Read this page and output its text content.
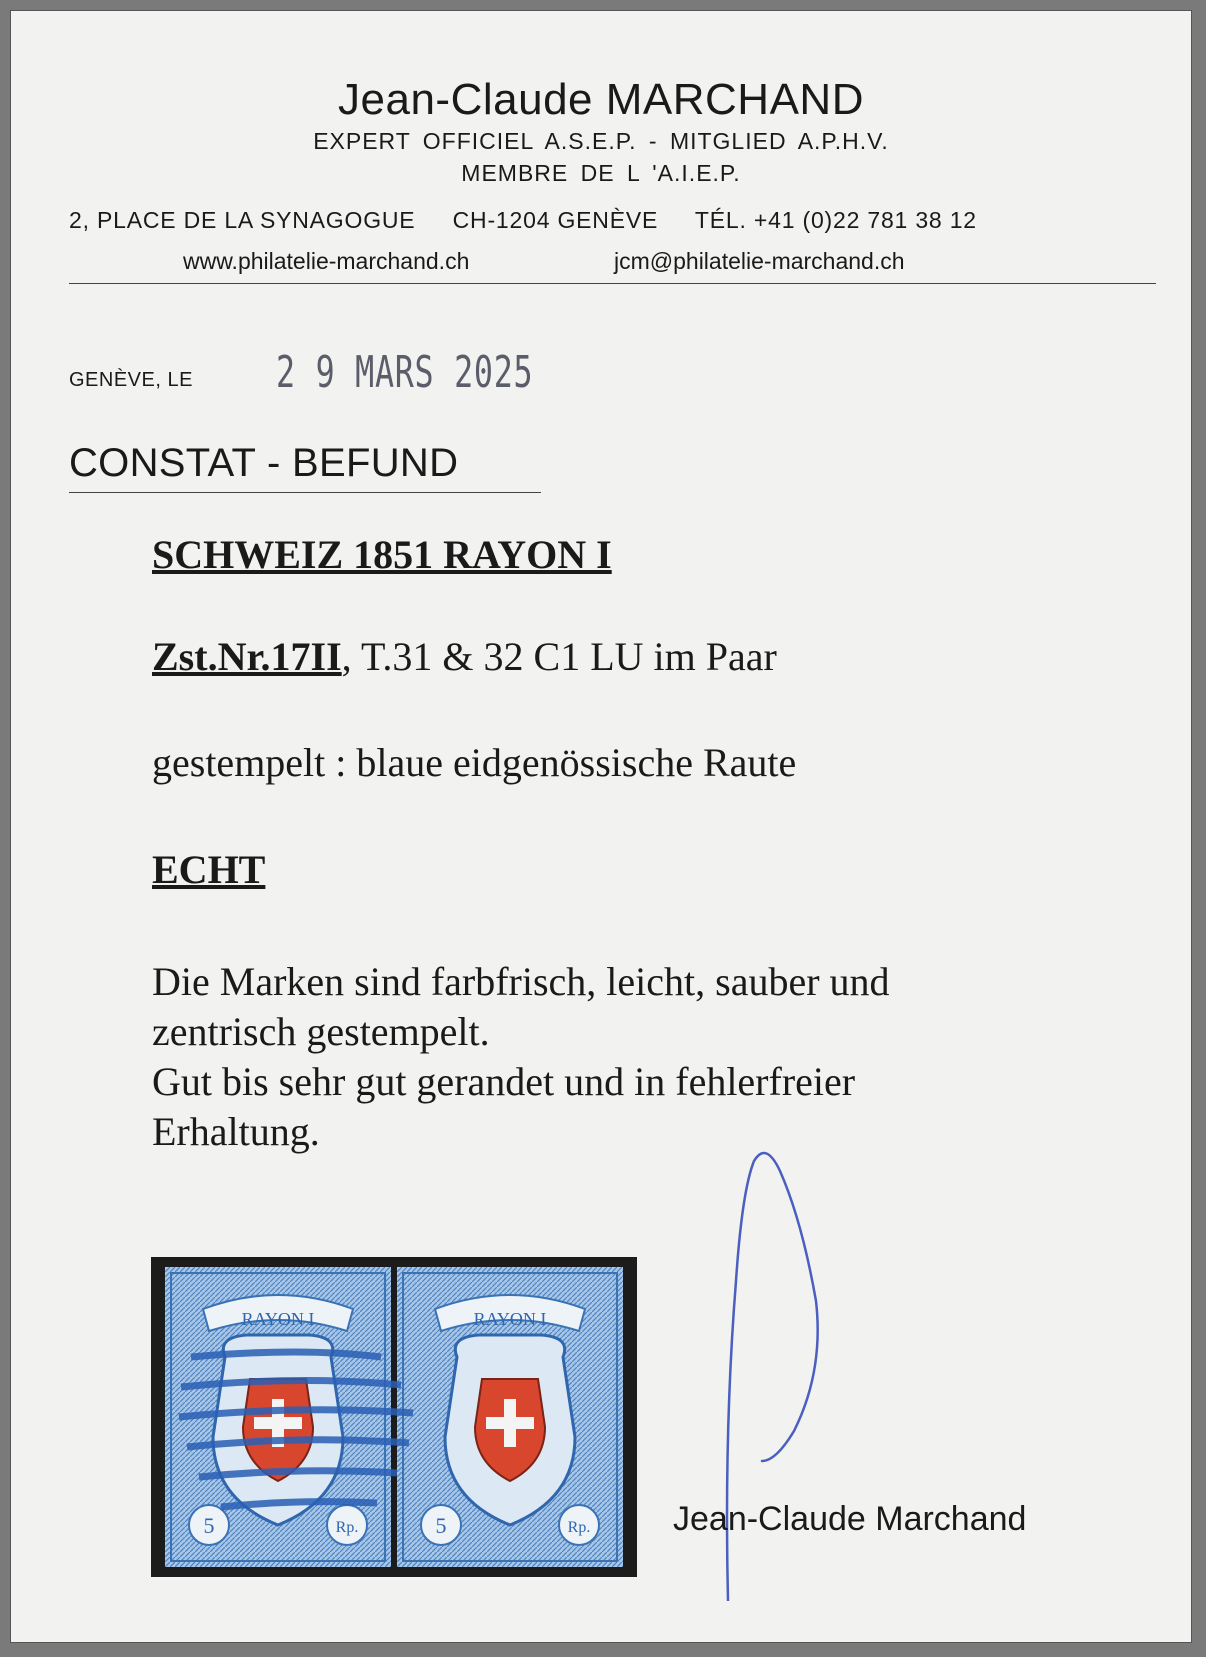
Jean-Claude MARCHAND

EXPERT OFFICIEL A.S.E.P. - MITGLIED A.P.H.V.

MEMBRE DE L 'A.I.E.P.

2, PLACE DE LA SYNAGOGUE CH-1204 GENÈVE TÉL. +41 (0)22 781 38 12

www.philatelie-marchand.ch	jcm@philatelie-marchand.ch

GENÈVE, LE 2 9 MARS 2025

CONSTAT - BEFUND

SCHWEIZ 1851 RAYON I

Zst.Nr.17II, T.31 & 32 C1 LU im Paar

gestempelt : blaue eidgenössische Raute

ECHT

Die Marken sind farbfrisch, leicht, sauber und
zentrisch gestempelt.
Gut bis sehr gut gerandet und in fehlerfreier
Erhaltung.

RAYON I
5	Rp.
RAYON I
5	Rp. Jean-Claude Marchand
